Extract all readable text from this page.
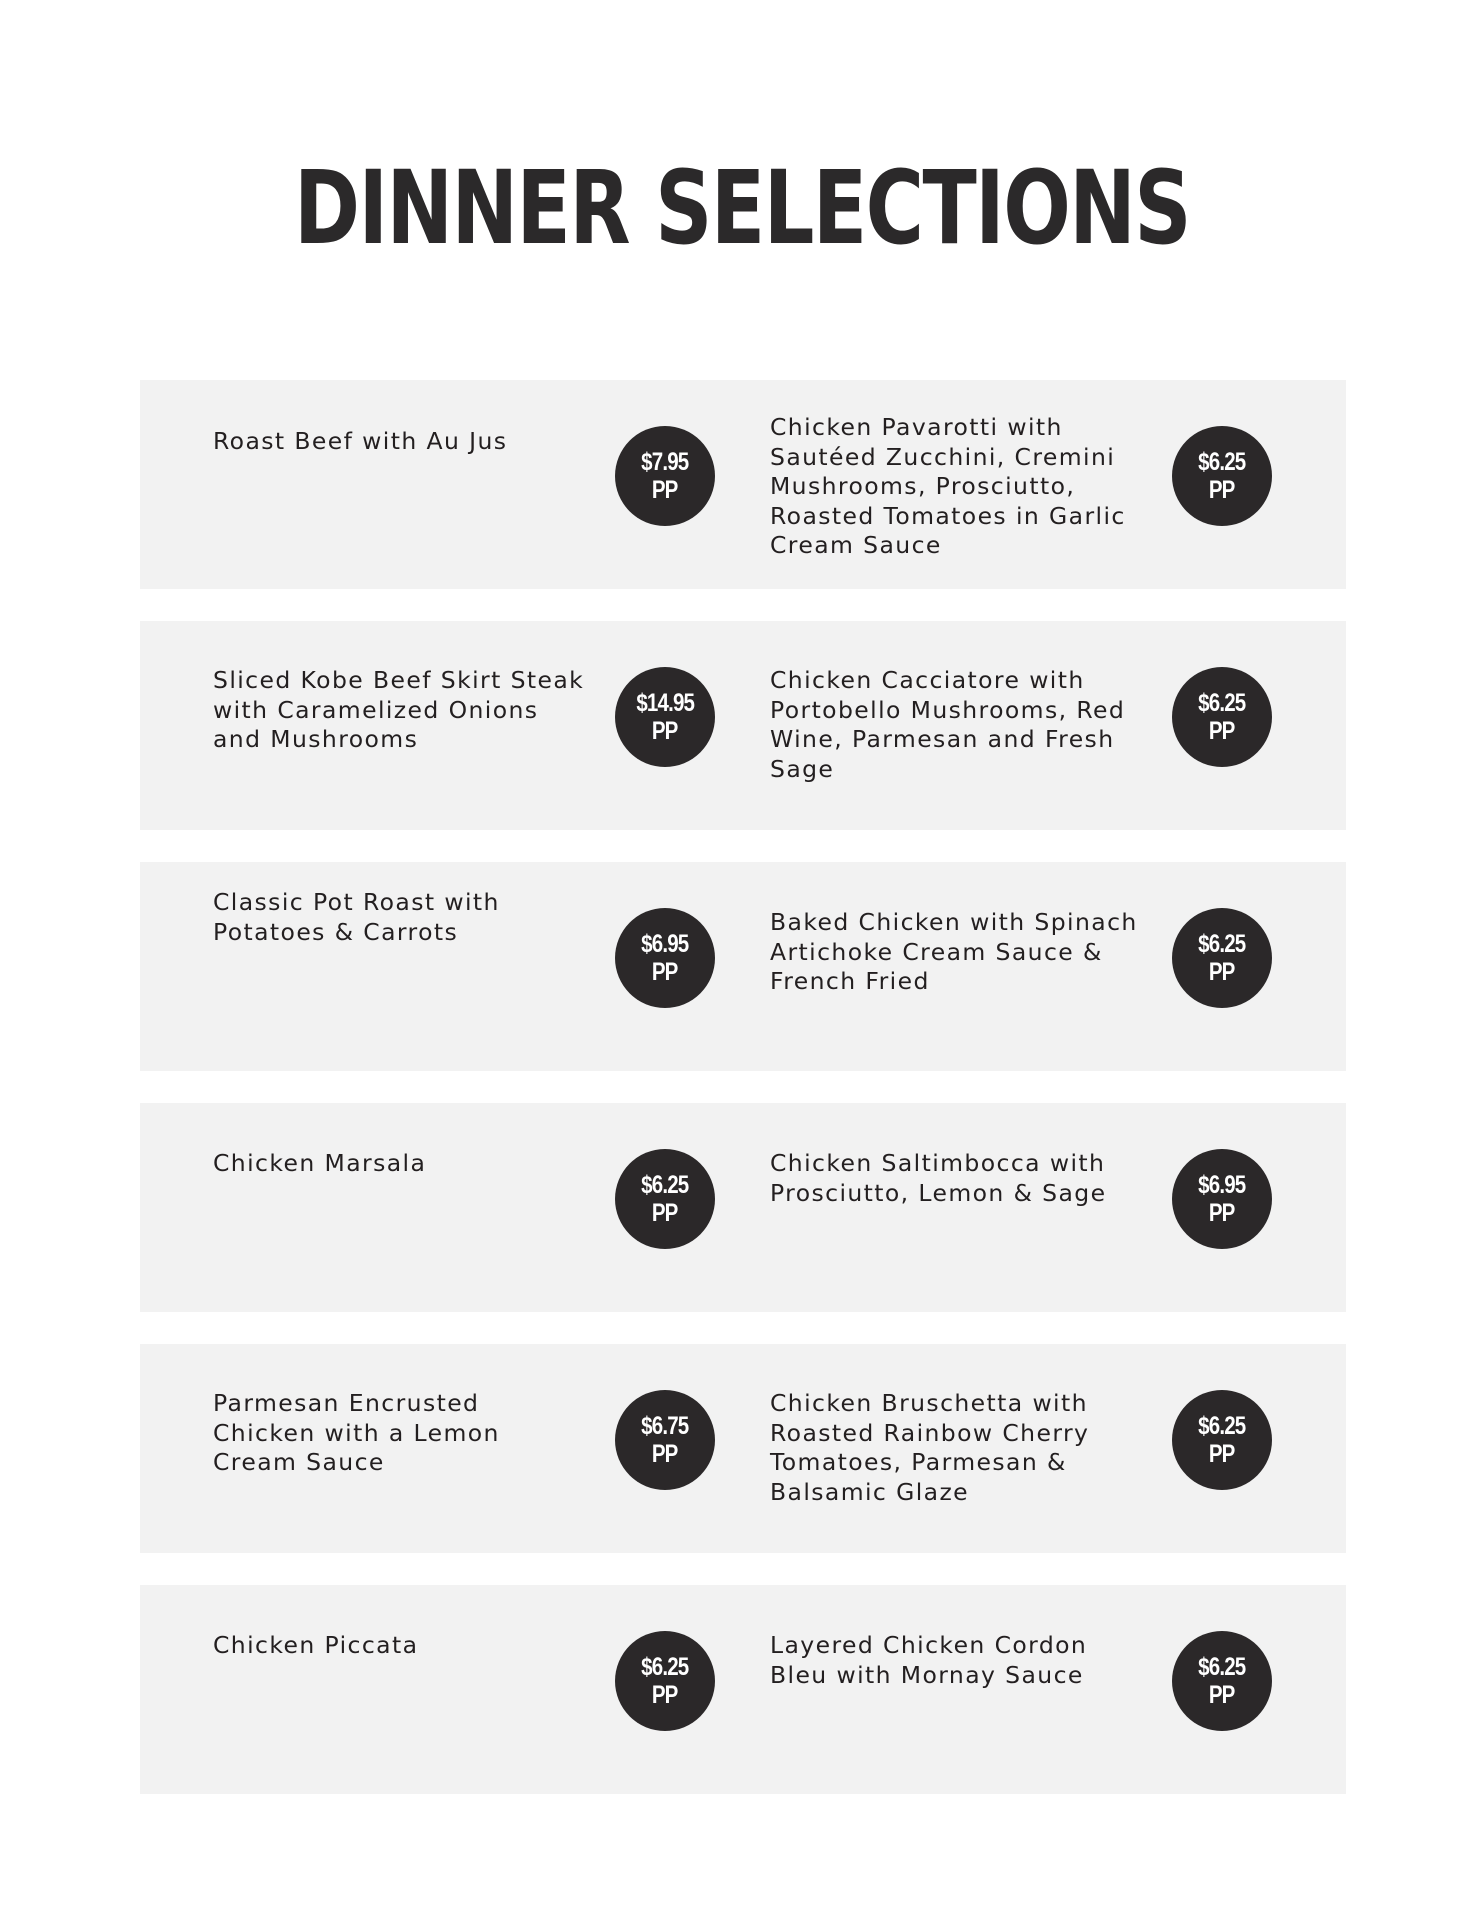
DINNER SELECTIONS
Roast Beef with Au Jus
$7.95
PP
Chicken Pavarotti with Sautéed Zucchini, Cremini Mushrooms, Prosciutto, Roasted Tomatoes in Garlic Cream Sauce
$6.25
PP
Sliced Kobe Beef Skirt Steak with Caramelized Onions and Mushrooms
$14.95
PP
Chicken Cacciatore with Portobello Mushrooms, Red Wine, Parmesan and Fresh Sage
$6.25
PP
Classic Pot Roast with Potatoes & Carrots	$6.95
PP
Baked Chicken with Spinach Artichoke Cream Sauce & French Fried
$6.25
PP
Chicken Marsala
$6.25
PP
Chicken Saltimbocca with Prosciutto, Lemon & Sage	$6.95
PP
Parmesan Encrusted Chicken with a Lemon Cream Sauce
$6.75
PP
Chicken Bruschetta with Roasted Rainbow Cherry Tomatoes, Parmesan & Balsamic Glaze
$6.25
PP
Chicken Piccata
$6.25
PP
Layered Chicken Cordon Bleu with Mornay Sauce	$6.25
PP
